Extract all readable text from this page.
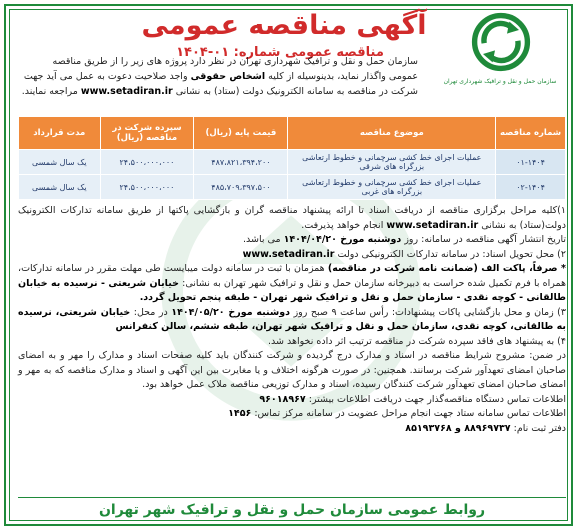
سازمان حمل و نقل و ترافیک شهرداری تهران
آگهی مناقصه عمومی مناقصه عمومی شماره: ۰۱-۱۴۰۴
سازمان حمل و نقل و ترافیک شهرداری تهران در نظر دارد پروژه های زیر را از طریق مناقصه
عمومی واگذار نماید، بدینوسیله از کلیه اشخاص حقوقی واجد صلاحیت دعوت به عمل می آید جهت
شرکت در مناقصه به سامانه الکترونیک دولت (ستاد) به نشانی www.setadiran.ir مراجعه نمایند.
شماره مناقصه	موضوع مناقصه	قیمت پایه (ریال)	سپرده شرکت در مناقصه (ریال)	مدت قرارداد
۰۱-۱۴۰۴	عملیات اجرای خط کشی سرچمانی و خطوط ارتعاشی بزرگراه های شرقی	۴۸۷،۸۲۱،۳۹۴،۲۰۰	۲۴،۵۰۰،۰۰۰،۰۰۰	یک سال شمسی
۰۲-۱۴۰۴	عملیات اجرای خط کشی سرچمانی و خطوط ارتعاشی بزرگراه های غربی	۴۸۵،۷۰۹،۳۹۷،۵۰۰	۲۴،۵۰۰،۰۰۰،۰۰۰	یک سال شمسی

۱)کلیه مراحل برگزاری مناقصه از دریافت اسناد تا ارائه پیشنهاد مناقصه گران و بازگشایی پاکتها از طریق سامانه تدارکات الکترونیک دولت(ستاد) به نشانی www.setadiran.ir انجام خواهد پذیرفت.

تاریخ انتشار آگهی مناقصه در سامانه: روز دوشنبه مورخ ۱۴۰۴/۰۴/۲۰ می باشد.

۲) محل تحویل اسناد: در سامانه تدارکات الکترونیکی دولت www.setadiran.ir

* صرفاً، پاکت الف (ضمانت نامه شرکت در مناقصه) همزمان با ثبت در سامانه دولت میبایست طی مهلت مقرر در سامانه تدارکات، همراه با فرم تکمیل شده حراست به دبیرخانه سازمان حمل و نقل و ترافیک شهر تهران به نشانی: خیابان شریعتی - نرسیده به خیابان طالقانی - کوچه نقدی - سازمان حمل و نقل و ترافیک شهر تهران - طبقه پنجم تحویل گردد.

۳) زمان و محل بازگشایی پاکات پیشنهادات: رأس ساعت ۹ صبح روز دوشنبه مورخ ۱۴۰۴/۰۵/۲۰ در محل: خیابان شریعتی، نرسیده به طالقانی، کوچه نقدی، سازمان حمل و نقل و ترافیک شهر تهران، طبقه ششم، سالن کنفرانس

۴) به پیشنهاد های فاقد سپرده شرکت در مناقصه ترتیب اثر داده نخواهد شد.

در ضمن: مشروح شرایط مناقصه در اسناد و مدارک درج گردیده و شرکت کنندگان باید کلیه صفحات اسناد و مدارک را مهر و به امضای صاحبان امضای تعهدآور شرکت برسانند. همچنین: در صورت هرگونه اختلاف و یا مغایرت بین این آگهی و اسناد و مدارک مناقصه که به مهر و امضای صاحبان امضای تعهدآور شرکت کنندگان رسیده، اسناد و مدارک توزیعی مناقصه ملاک عمل خواهد بود.

اطلاعات تماس دستگاه مناقصه‌گذار جهت دریافت اطلاعات بیشتر: ۹۶۰۱۸۹۶۷

اطلاعات تماس سامانه ستاد جهت انجام مراحل عضویت در سامانه مرکز تماس: ۱۴۵۶

دفتر ثبت نام: ۸۸۹۶۹۷۳۷ و ۸۵۱۹۳۷۶۸

روابط عمومی سازمان حمل و نقل و ترافیک شهر تهران
